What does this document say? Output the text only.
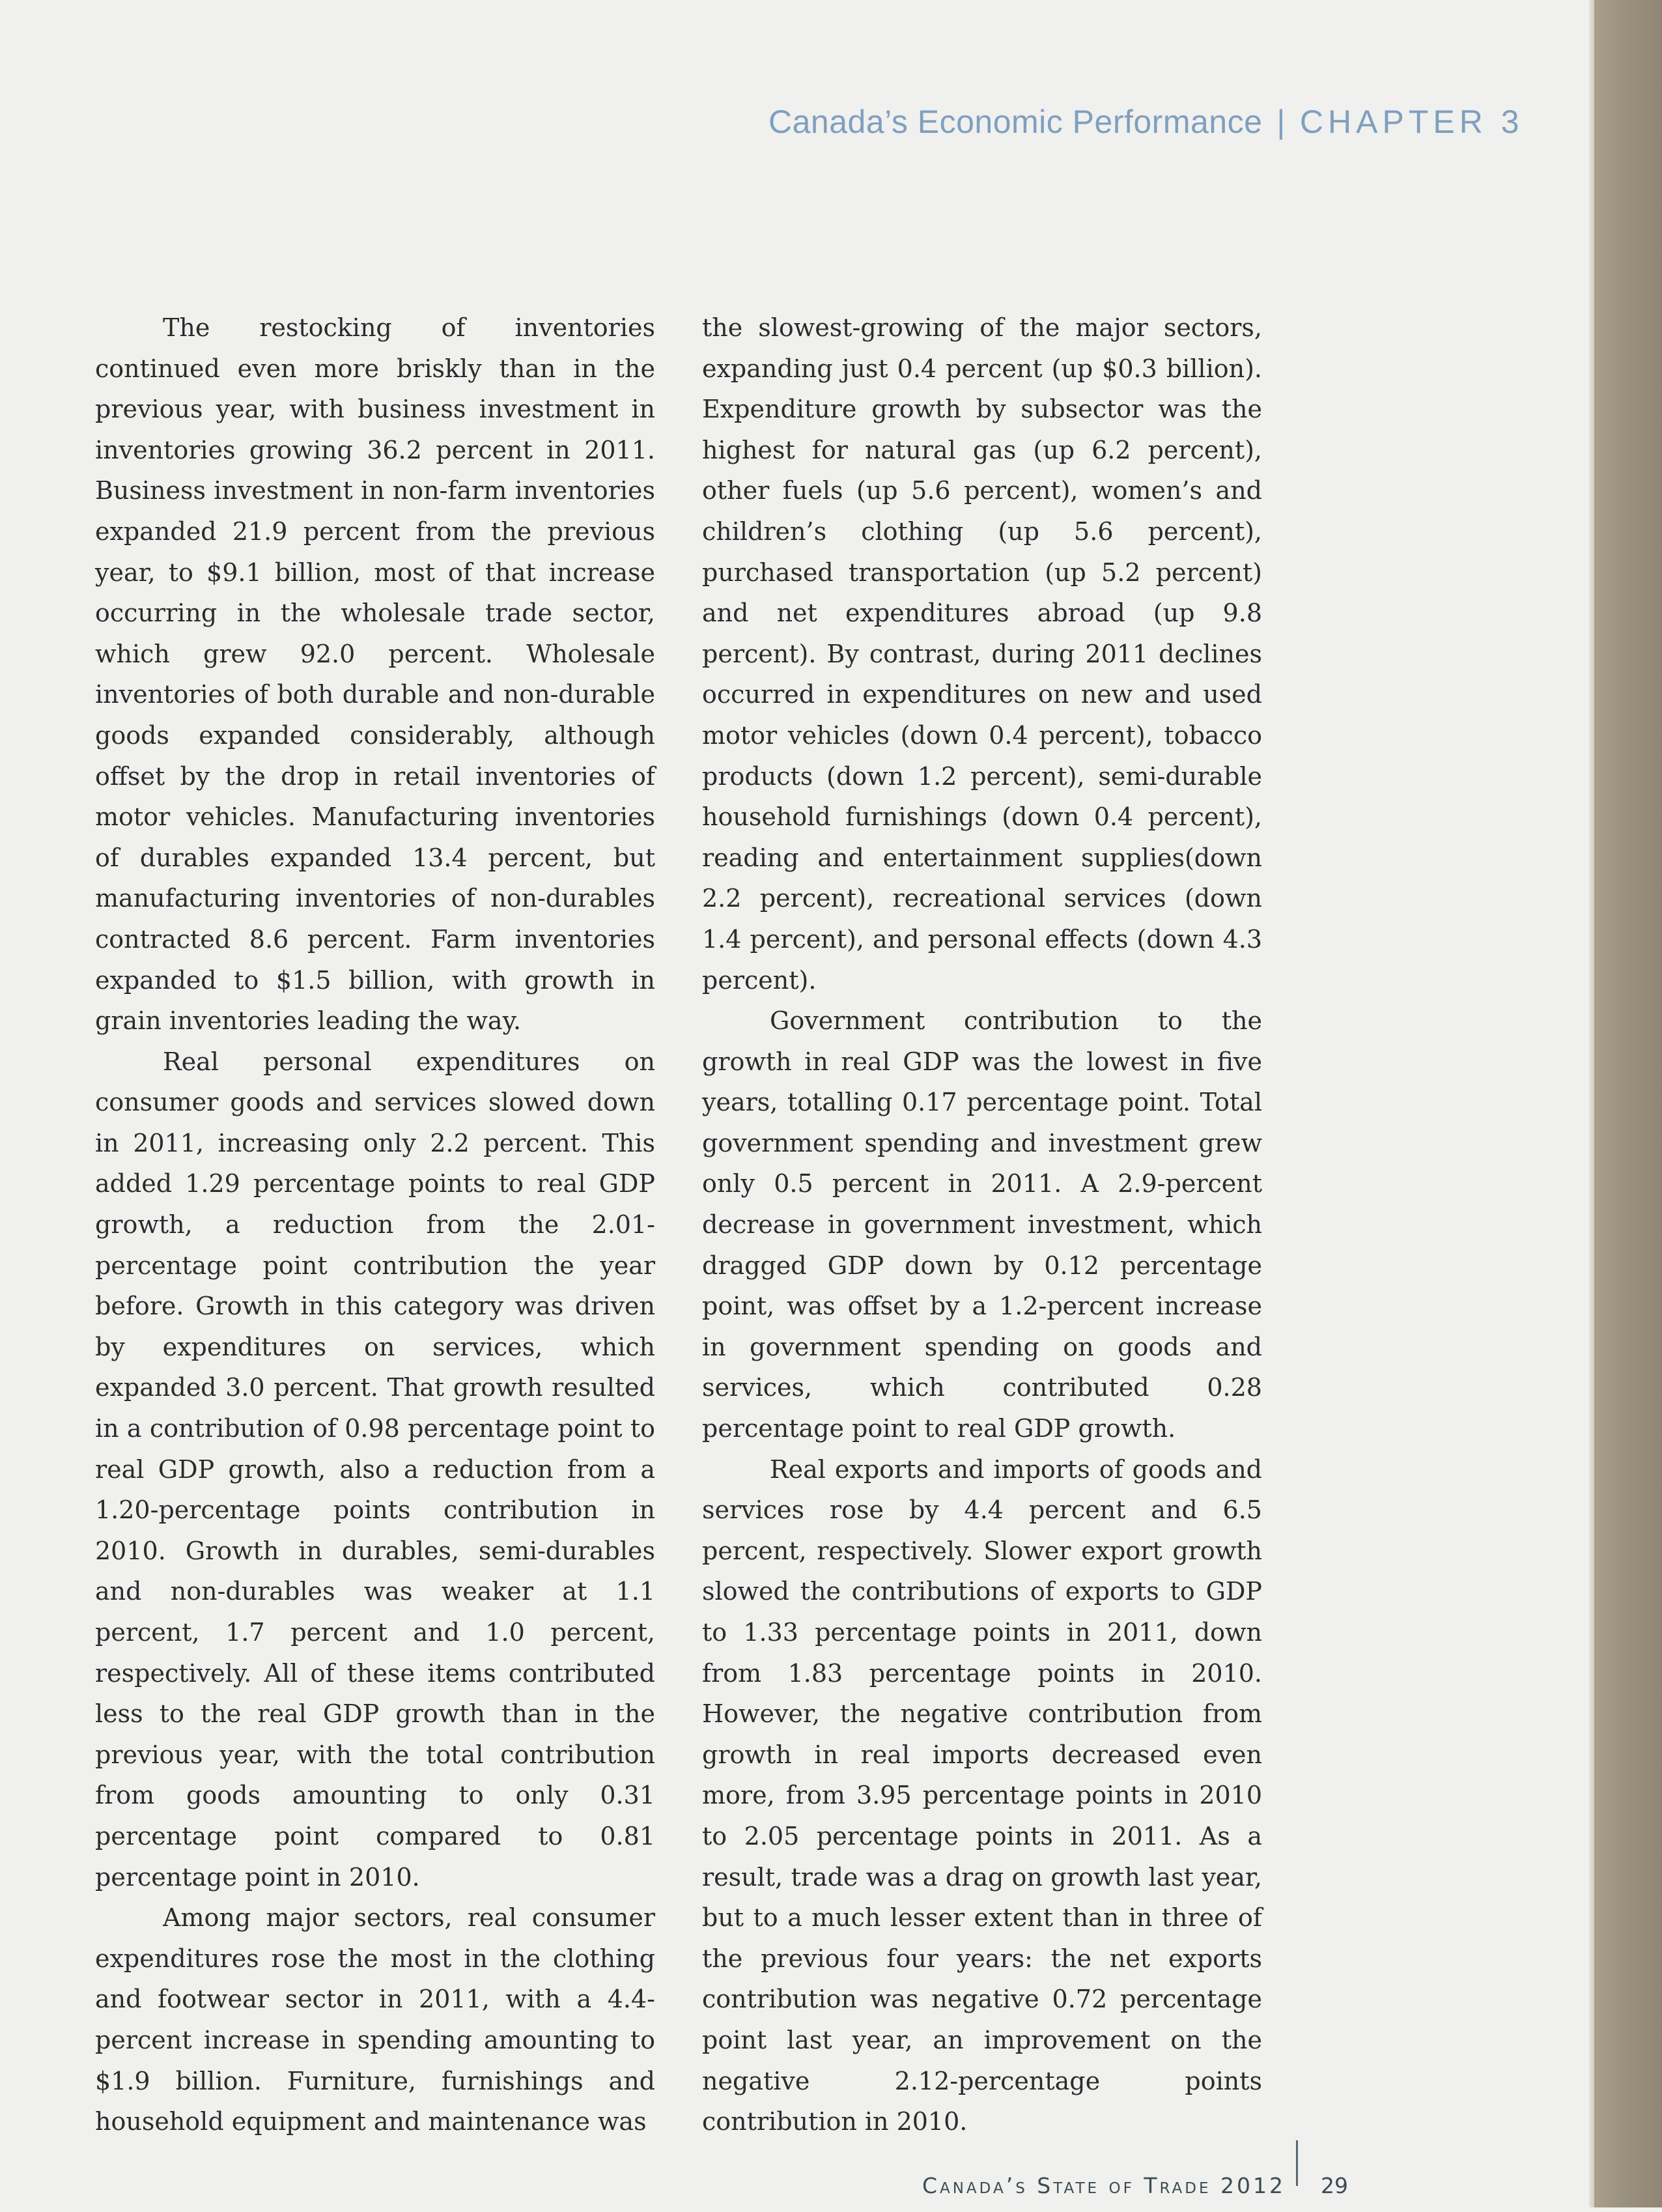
Canada’s Economic Performance | CHAPTER 3

The restocking of inventories continued even more briskly than in the previous year, with business investment in inventories growing 36.2 percent in 2011. Business investment in non-farm inventories expanded 21.9 percent from the previous year, to $9.1 billion, most of that increase occurring in the wholesale trade sector, which grew 92.0 percent. Wholesale inventories of both durable and non-durable goods expanded considerably, although offset by the drop in retail inventories of motor vehicles. Manufacturing inventories of durables expanded 13.4 percent, but manufacturing inventories of non-durables contracted 8.6 percent. Farm inventories expanded to $1.5 billion, with growth in grain inventories leading the way.

Real personal expenditures on consumer goods and services slowed down in 2011, increasing only 2.2 percent. This added 1.29 percentage points to real GDP growth, a reduction from the 2.01-percentage point contribution the year before. Growth in this category was driven by expenditures on services, which expanded 3.0 percent. That growth resulted in a contribution of 0.98 percentage point to real GDP growth, also a reduction from a 1.20-percentage points contribution in 2010. Growth in durables, semi-durables and non-durables was weaker at 1.1 percent, 1.7 percent and 1.0 percent, respectively. All of these items contributed less to the real GDP growth than in the previous year, with the total contribution from goods amounting to only 0.31 percentage point compared to 0.81 percentage point in 2010.

Among major sectors, real consumer expenditures rose the most in the clothing and footwear sector in 2011, with a 4.4-percent increase in spending amounting to $1.9 billion. Furniture, furnishings and household equipment and maintenance was

the slowest-growing of the major sectors, expanding just 0.4 percent (up $0.3 billion). Expenditure growth by subsector was the highest for natural gas (up 6.2 percent), other fuels (up 5.6 percent), women’s and children’s clothing (up 5.6 percent), purchased transportation (up 5.2 percent) and net expenditures abroad (up 9.8 percent). By contrast, during 2011 declines occurred in expenditures on new and used motor vehicles (down 0.4 percent), tobacco products (down 1.2 percent), semi-durable household furnishings (down 0.4 percent), reading and entertainment supplies(down 2.2 percent), recreational services (down 1.4 percent), and personal effects (down 4.3 percent).

Government contribution to the growth in real GDP was the lowest in five years, totalling 0.17 percentage point. Total government spending and investment grew only 0.5 percent in 2011. A 2.9-percent decrease in government investment, which dragged GDP down by 0.12 percentage point, was offset by a 1.2-percent increase in government spending on goods and services, which contributed 0.28 percentage point to real GDP growth.

Real exports and imports of goods and services rose by 4.4 percent and 6.5 percent, respectively. Slower export growth slowed the contributions of exports to GDP to 1.33 percentage points in 2011, down from 1.83 percentage points in 2010. However, the negative contribution from growth in real imports decreased even more, from 3.95 percentage points in 2010 to 2.05 percentage points in 2011. As a result, trade was a drag on growth last year, but to a much lesser extent than in three of the previous four years: the net exports contribution was negative 0.72 percentage point last year, an improvement on the negative 2.12-percentage points contribution in 2010.

Canada’s State of Trade 2012 29
